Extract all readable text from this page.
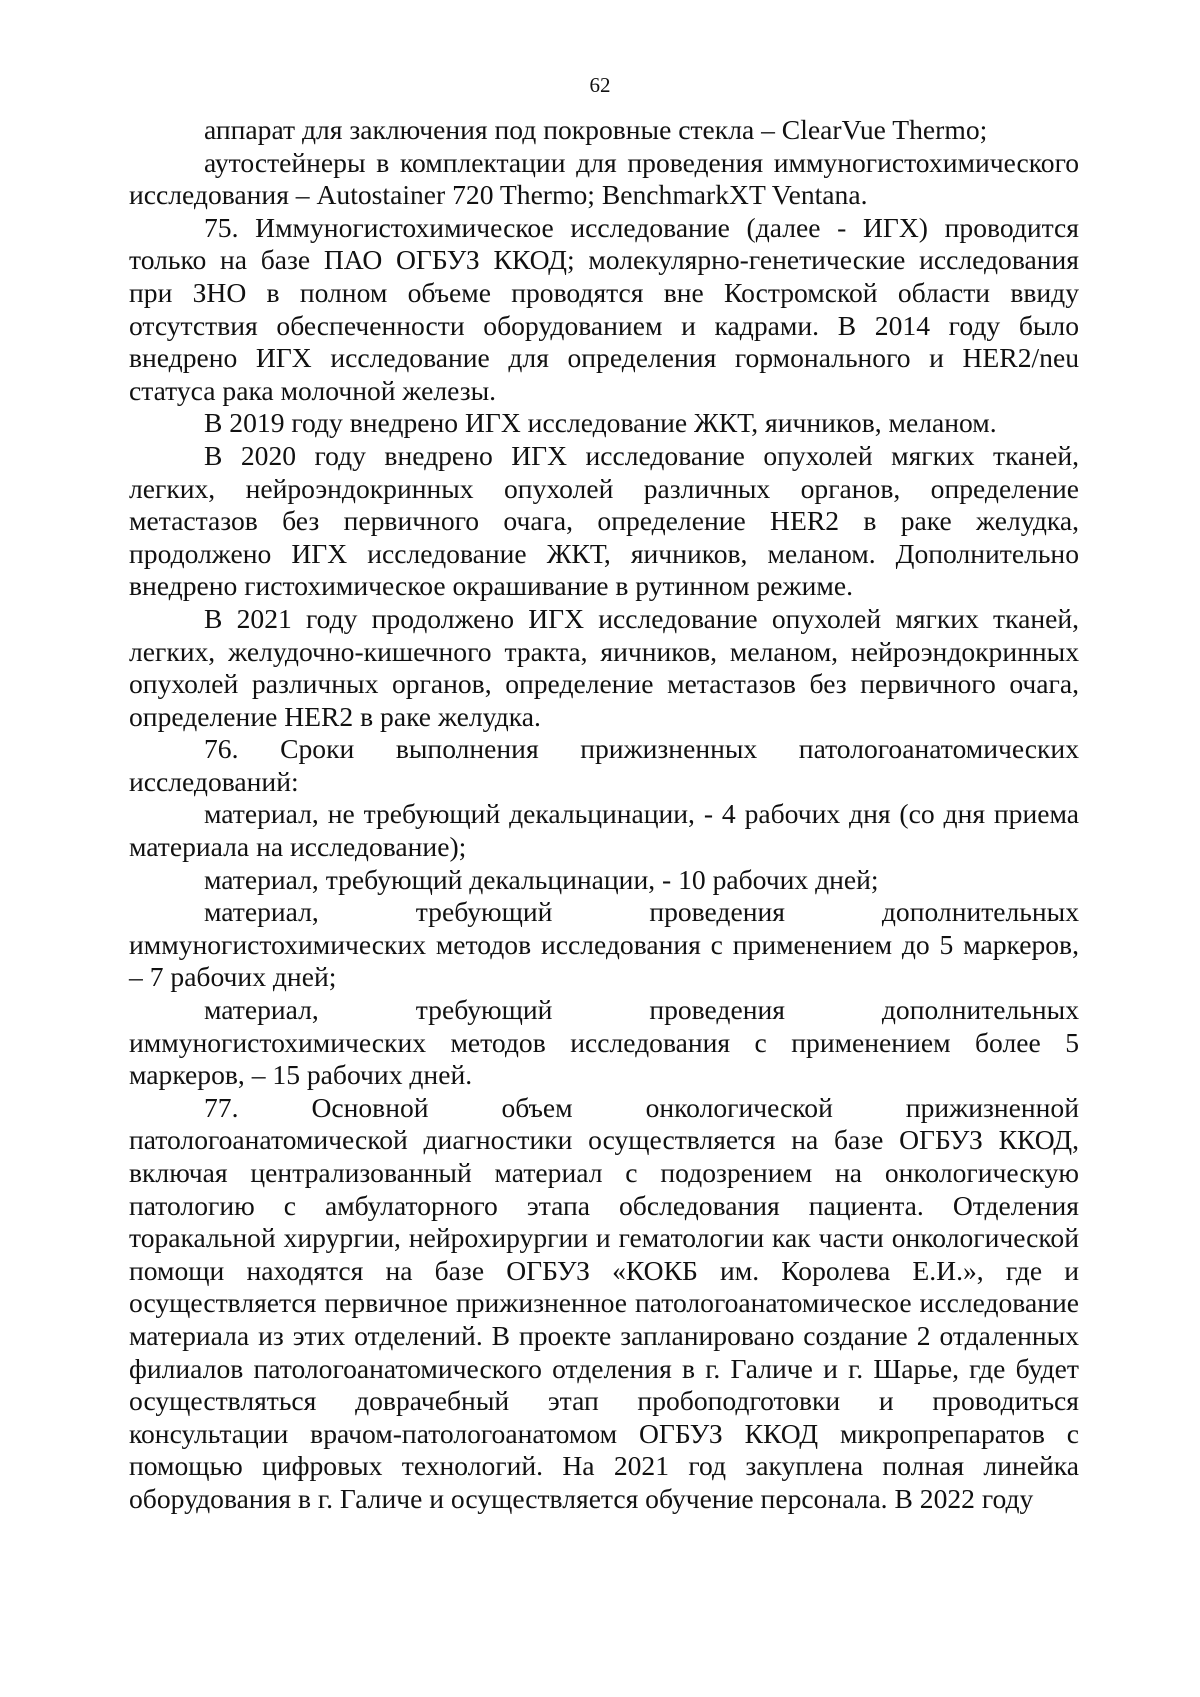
62

аппарат для заключения под покровные стекла – ClearVue Thermo;

аутостейнеры в комплектации для проведения иммуногистохимического исследования – Autostainer 720 Thermo; BenchmarkXT Ventana.

75. Иммуногистохимическое исследование (далее - ИГХ) проводится только на базе ПАО ОГБУЗ ККОД; молекулярно-генетические исследования при ЗНО в полном объеме проводятся вне Костромской области ввиду отсутствия обеспеченности оборудованием и кадрами. В 2014 году было внедрено ИГХ исследование для определения гормонального и HER2/neu статуса рака молочной железы.

В 2019 году внедрено ИГХ исследование ЖКТ, яичников, меланом.

В 2020 году внедрено ИГХ исследование опухолей мягких тканей, легких, нейроэндокринных опухолей различных органов, определение метастазов без первичного очага, определение HER2 в раке желудка, продолжено ИГХ исследование ЖКТ, яичников, меланом. Дополнительно внедрено гистохимическое окрашивание в рутинном режиме.

В 2021 году продолжено ИГХ исследование опухолей мягких тканей, легких, желудочно-кишечного тракта, яичников, меланом, нейроэндокринных опухолей различных органов, определение метастазов без первичного очага, определение HER2 в раке желудка.

76. Сроки выполнения прижизненных патологоанатомических исследований:

материал, не требующий декальцинации, - 4 рабочих дня (со дня приема материала на исследование);

материал, требующий декальцинации, - 10 рабочих дней;

материал, требующий проведения дополнительных иммуногистохимических методов исследования с применением до 5 маркеров, – 7 рабочих дней;

материал, требующий проведения дополнительных иммуногистохимических методов исследования с применением более 5 маркеров, – 15 рабочих дней.

77. Основной объем онкологической прижизненной патологоанатомической диагностики осуществляется на базе ОГБУЗ ККОД, включая централизованный материал с подозрением на онкологическую патологию с амбулаторного этапа обследования пациента. Отделения торакальной хирургии, нейрохирургии и гематологии как части онкологической помощи находятся на базе ОГБУЗ «КОКБ им. Королева Е.И.», где и осуществляется первичное прижизненное патологоанатомическое исследование материала из этих отделений. В проекте запланировано создание 2 отдаленных филиалов патологоанатомического отделения в г. Галиче и г. Шарье, где будет осуществляться доврачебный этап пробоподготовки и проводиться консультации врачом-патологоанатомом ОГБУЗ ККОД микропрепаратов с помощью цифровых технологий. На 2021 год закуплена полная линейка оборудования в г. Галиче и осуществляется обучение персонала. В 2022 году
